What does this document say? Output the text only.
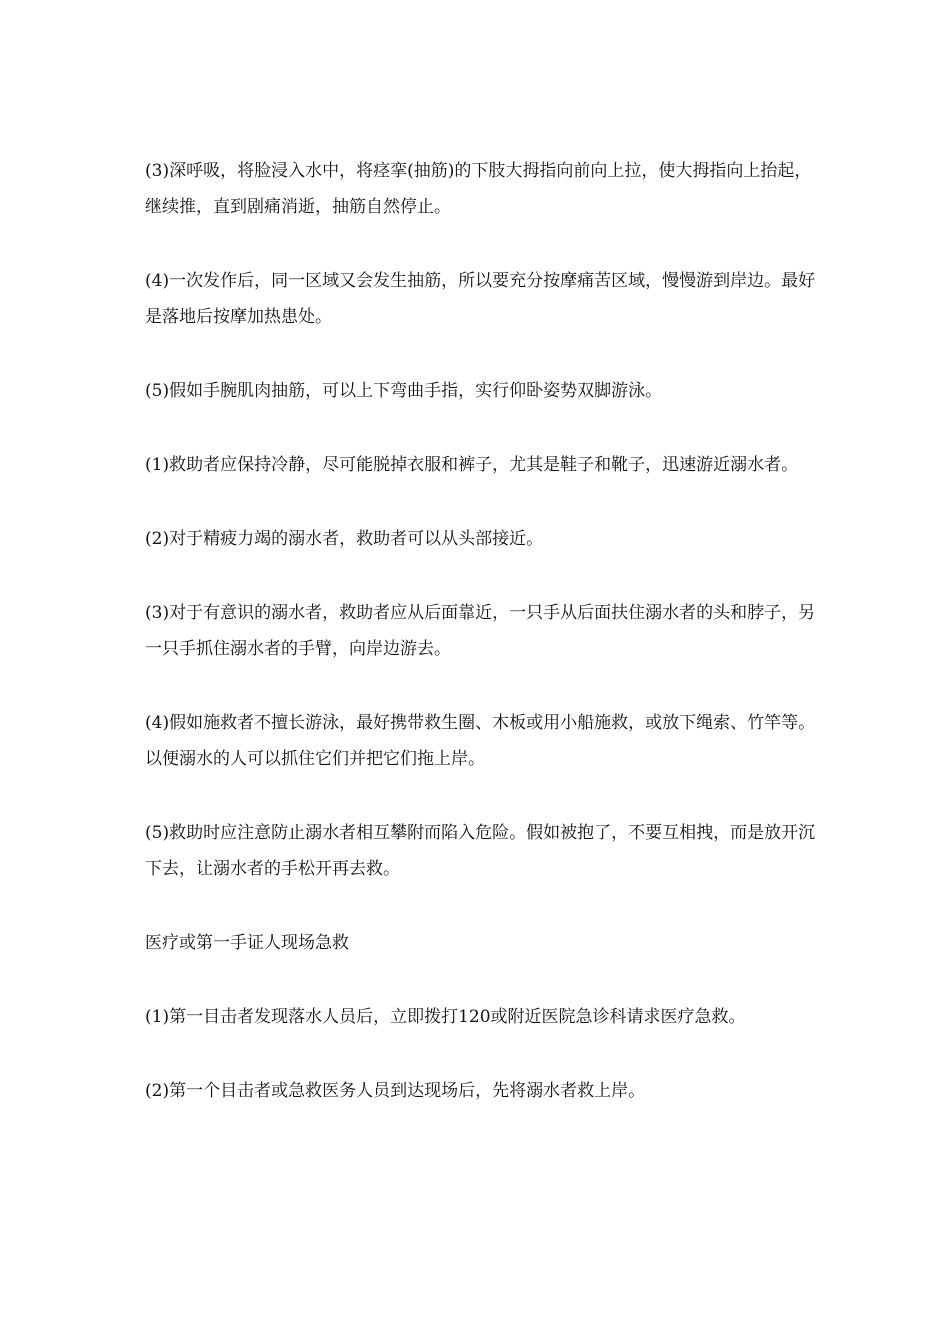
(3)深呼吸，将脸浸入水中，将痉挛(抽筋)的下肢大拇指向前向上拉，使大拇指向上抬起，继续推，直到剧痛消逝，抽筋自然停止。

(4)一次发作后，同一区域又会发生抽筋，所以要充分按摩痛苦区域，慢慢游到岸边。最好是落地后按摩加热患处。

(5)假如手腕肌肉抽筋，可以上下弯曲手指，实行仰卧姿势双脚游泳。

(1)救助者应保持冷静，尽可能脱掉衣服和裤子，尤其是鞋子和靴子，迅速游近溺水者。

(2)对于精疲力竭的溺水者，救助者可以从头部接近。

(3)对于有意识的溺水者，救助者应从后面靠近，一只手从后面扶住溺水者的头和脖子，另一只手抓住溺水者的手臂，向岸边游去。

(4)假如施救者不擅长游泳，最好携带救生圈、木板或用小船施救，或放下绳索、竹竿等。以便溺水的人可以抓住它们并把它们拖上岸。

(5)救助时应注意防止溺水者相互攀附而陷入危险。假如被抱了，不要互相拽，而是放开沉下去，让溺水者的手松开再去救。

医疗或第一手证人现场急救

(1)第一目击者发现落水人员后，立即拨打120或附近医院急诊科请求医疗急救。

(2)第一个目击者或急救医务人员到达现场后，先将溺水者救上岸。
